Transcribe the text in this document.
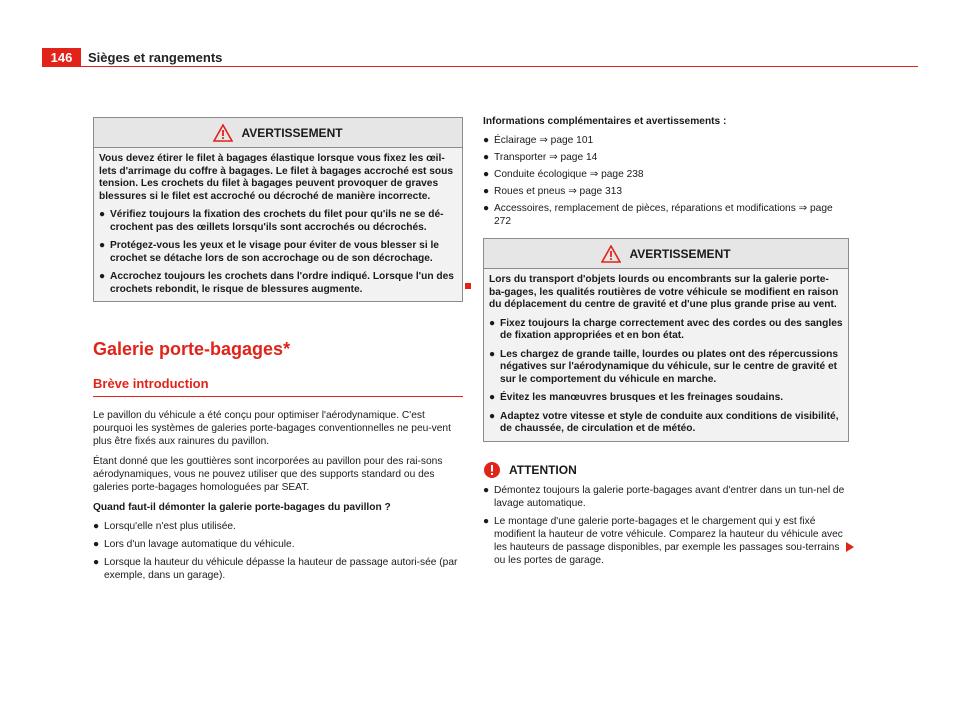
146	Sièges et rangements
AVERTISSEMENT

Vous devez étirer le filet à bagages élastique lorsque vous fixez les œil-lets d'arrimage du coffre à bagages. Le filet à bagages accroché est sous tension. Les crochets du filet à bagages peuvent provoquer de graves blessures si le filet est accroché ou décroché de manière incorrecte.

● Vérifiez toujours la fixation des crochets du filet pour qu'ils ne se dé-crochent pas des œillets lorsqu'ils sont accrochés ou décrochés.

● Protégez-vous les yeux et le visage pour éviter de vous blesser si le crochet se détache lors de son accrochage ou de son décrochage.

● Accrochez toujours les crochets dans l'ordre indiqué. Lorsque l'un des crochets rebondit, le risque de blessures augmente.

Galerie porte-bagages*
Brève introduction

Le pavillon du véhicule a été conçu pour optimiser l'aérodynamique. C'est pourquoi les systèmes de galeries porte-bagages conventionnelles ne peu-vent plus être fixés aux rainures du pavillon.

Étant donné que les gouttières sont incorporées au pavillon pour des rai-sons aérodynamiques, vous ne pouvez utiliser que des supports standard ou des galeries porte-bagages homologuées par SEAT.

Quand faut-il démonter la galerie porte-bagages du pavillon ?

● Lorsqu'elle n'est plus utilisée.

● Lors d'un lavage automatique du véhicule.

● Lorsque la hauteur du véhicule dépasse la hauteur de passage autori-sée (par exemple, dans un garage).

Informations complémentaires et avertissements :

● Éclairage ⇒ page 101

● Transporter ⇒ page 14

● Conduite écologique ⇒ page 238

● Roues et pneus ⇒ page 313

● Accessoires, remplacement de pièces, réparations et modifications ⇒ page 272

AVERTISSEMENT

Lors du transport d'objets lourds ou encombrants sur la galerie porte-ba-gages, les qualités routières de votre véhicule se modifient en raison du déplacement du centre de gravité et d'une plus grande prise au vent.

● Fixez toujours la charge correctement avec des cordes ou des sangles de fixation appropriées et en bon état.

● Les chargez de grande taille, lourdes ou plates ont des répercussions négatives sur l'aérodynamique du véhicule, sur le centre de gravité et sur le comportement du véhicule en marche.

● Évitez les manœuvres brusques et les freinages soudains.

● Adaptez votre vitesse et style de conduite aux conditions de visibilité, de chaussée, de circulation et de météo.

ATTENTION

● Démontez toujours la galerie porte-bagages avant d'entrer dans un tun-nel de lavage automatique.

● Le montage d'une galerie porte-bagages et le chargement qui y est fixé modifient la hauteur de votre véhicule. Comparez la hauteur du véhicule avec les hauteurs de passage disponibles, par exemple les passages sou-terrains ou les portes de garage.
